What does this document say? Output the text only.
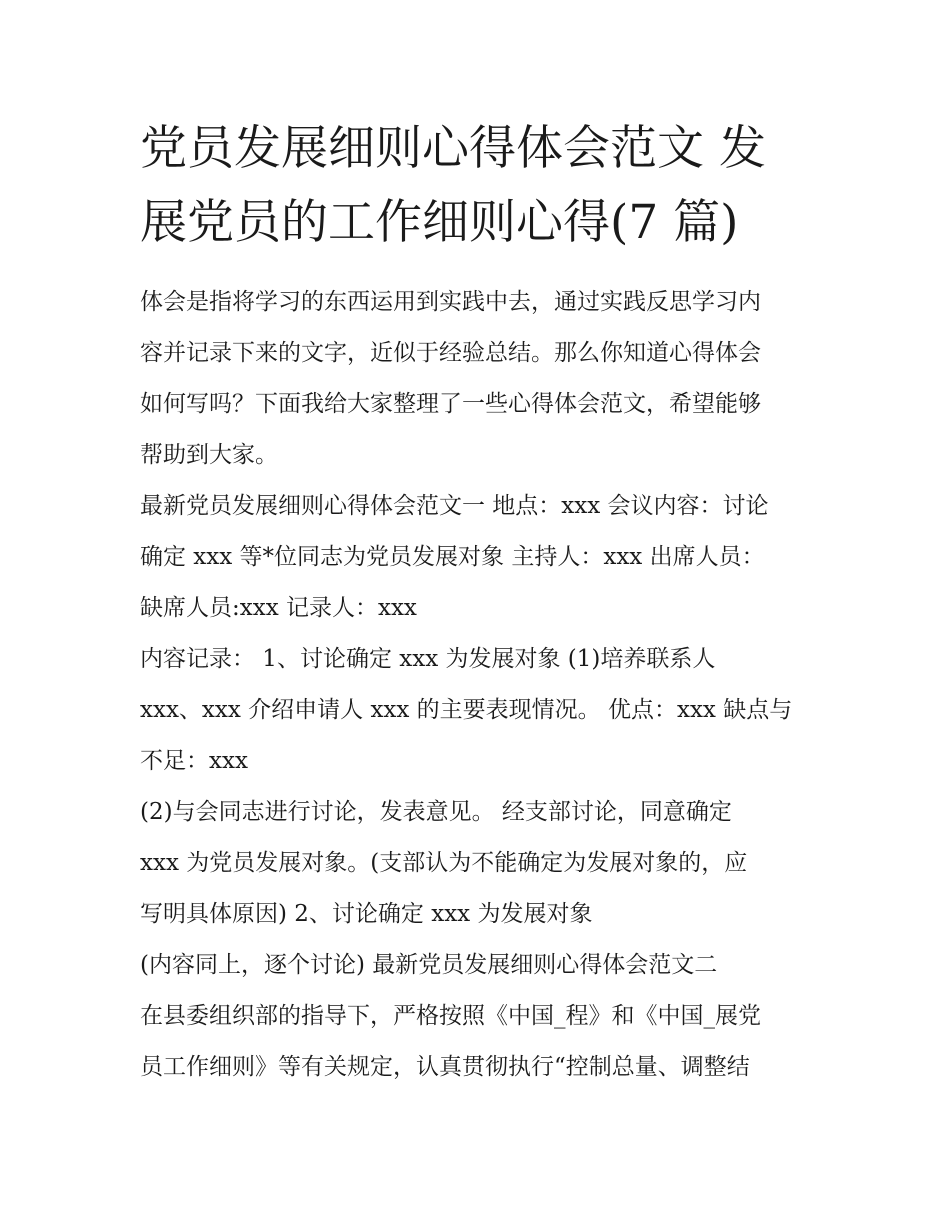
党员发展细则心得体会范文 发
展党员的工作细则心得(7 篇)
体会是指将学习的东西运用到实践中去，通过实践反思学习内
容并记录下来的文字，近似于经验总结。那么你知道心得体会
如何写吗？下面我给大家整理了一些心得体会范文，希望能够
帮助到大家。
最新党员发展细则心得体会范文一 地点：xxx 会议内容：讨论
确定 xxx 等*位同志为党员发展对象 主持人：xxx 出席人员：
缺席人员:xxx 记录人：xxx
内容记录： 1、讨论确定 xxx 为发展对象 (1)培养联系人
xxx、xxx 介绍申请人 xxx 的主要表现情况。 优点：xxx 缺点与
不足：xxx
(2)与会同志进行讨论，发表意见。 经支部讨论，同意确定
xxx 为党员发展对象。(支部认为不能确定为发展对象的，应
写明具体原因) 2、讨论确定 xxx 为发展对象
(内容同上，逐个讨论) 最新党员发展细则心得体会范文二
在县委组织部的指导下，严格按照《中国_程》和《中国_展党
员工作细则》等有关规定，认真贯彻执行“控制总量、调整结
